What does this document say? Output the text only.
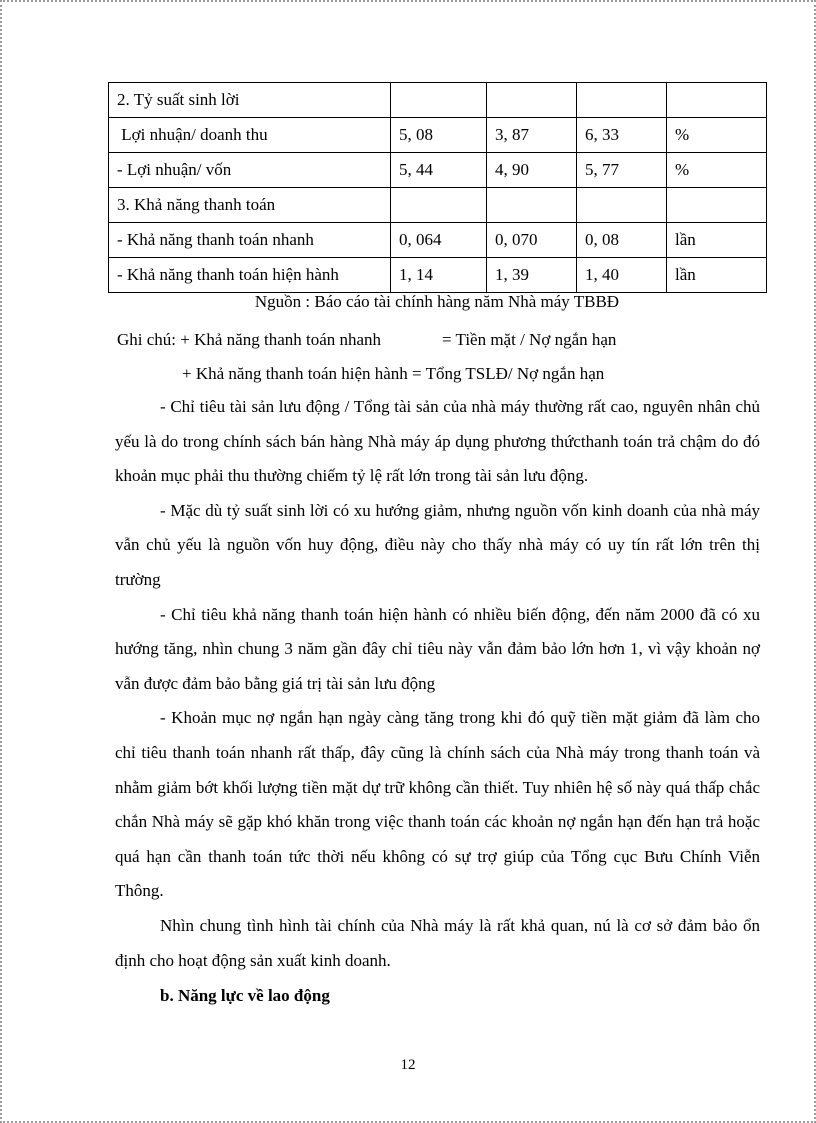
2. Tỷ suất sinh lời				
Lợi nhuận/ doanh thu	5, 08	3, 87	6, 33	%
- Lợi nhuận/ vốn	5, 44	4, 90	5, 77	%
3. Khả năng thanh toán				
- Khả năng thanh toán nhanh	0, 064	0, 070	0, 08	lần
- Khả năng thanh toán hiện hành	1, 14	1, 39	1, 40	lần

Nguồn : Báo cáo tài chính hàng năm Nhà máy TBBĐ

Ghi chú: + Khả năng thanh toán nhanh	= Tiền mặt / Nợ ngắn hạn

+ Khả năng thanh toán hiện hành = Tổng TSLĐ/ Nợ ngắn hạn

- Chỉ tiêu tài sản lưu động / Tổng tài sản của nhà máy thường rất cao, nguyên nhân chủ yếu là do trong chính sách bán hàng Nhà máy áp dụng phương thứcthanh toán trả chậm do đó khoản mục phải thu thường chiếm tỷ lệ rất lớn trong tài sản lưu động.

- Mặc dù tỷ suất sinh lời có xu hướng giảm, nhưng nguồn vốn kinh doanh của nhà máy vẫn chủ yếu là nguồn vốn huy động, điều này cho thấy nhà máy có uy tín rất lớn trên thị trường

- Chỉ tiêu khả năng thanh toán hiện hành có nhiều biến động, đến năm 2000 đã có xu hướng tăng, nhìn chung 3 năm gần đây chỉ tiêu này vẫn đảm bảo lớn hơn 1, vì vậy khoản nợ vẫn được đảm bảo bằng giá trị tài sản lưu động

- Khoản mục nợ ngắn hạn ngày càng tăng trong khi đó quỹ tiền mặt giảm đã làm cho chỉ tiêu thanh toán nhanh rất thấp, đây cũng là chính sách của Nhà máy trong thanh toán và nhằm giảm bớt khối lượng tiền mặt dự trữ không cần thiết. Tuy nhiên hệ số này quá thấp chắc chắn Nhà máy sẽ gặp khó khăn trong việc thanh toán các khoản nợ ngắn hạn đến hạn trả hoặc quá hạn cần thanh toán tức thời nếu không có sự trợ giúp của Tổng cục Bưu Chính Viễn Thông.

Nhìn chung tình hình tài chính của Nhà máy là rất khả quan, nú là cơ sở đảm bảo ổn định cho hoạt động sản xuất kinh doanh.

b. Năng lực về lao động

12
